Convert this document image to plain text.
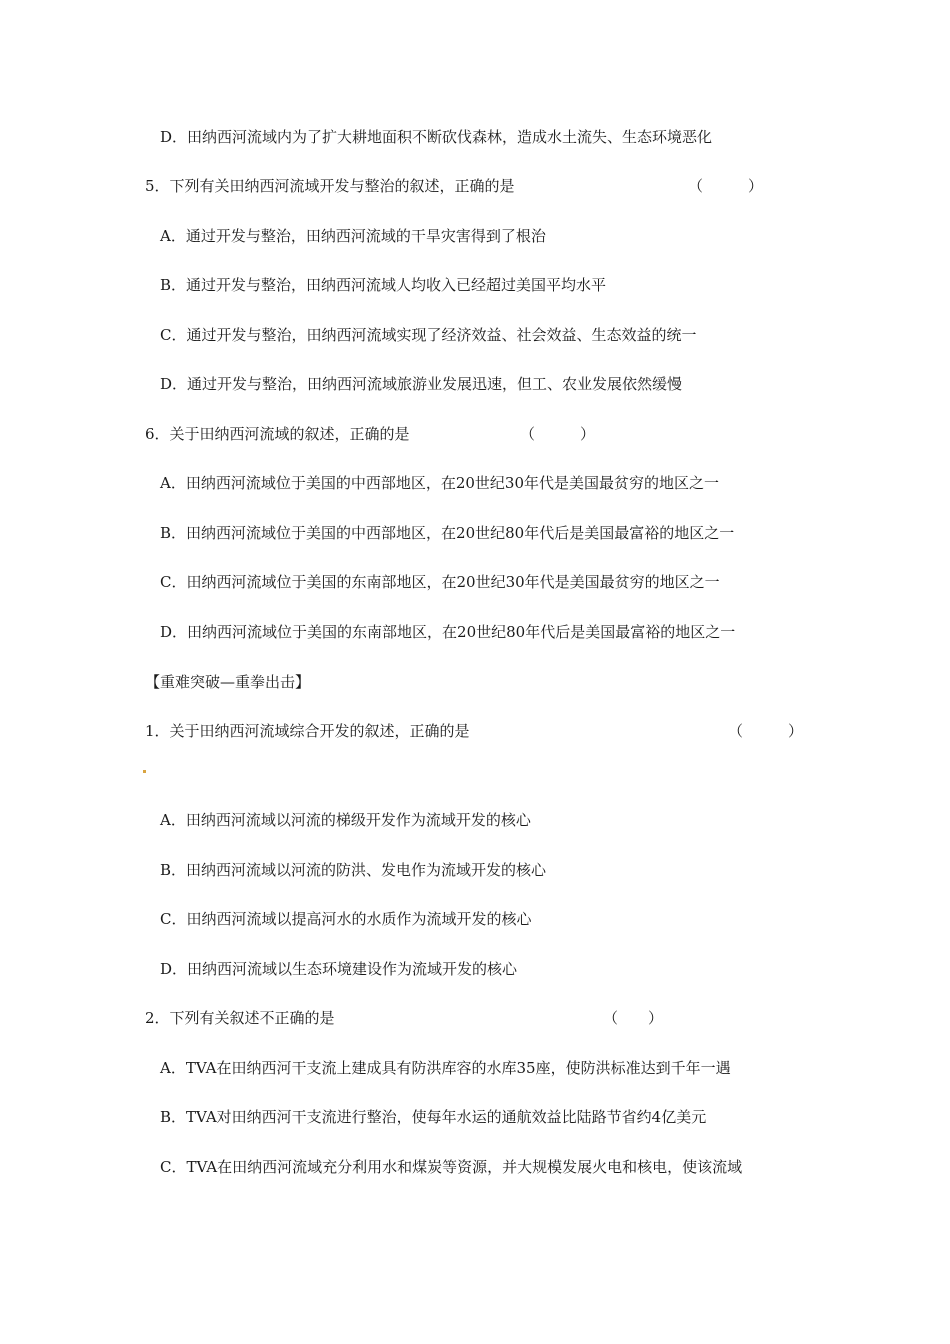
D．田纳西河流域内为了扩大耕地面积不断砍伐森林，造成水土流失、生态环境恶化
5．下列有关田纳西河流域开发与整治的叙述，正确的是	（　　　）
A．通过开发与整治，田纳西河流域的干旱灾害得到了根治
B．通过开发与整治，田纳西河流域人均收入已经超过美国平均水平
C．通过开发与整治，田纳西河流域实现了经济效益、社会效益、生态效益的统一
D．通过开发与整治，田纳西河流域旅游业发展迅速，但工、农业发展依然缓慢
6．关于田纳西河流域的叙述，正确的是	（　　　）
A．田纳西河流域位于美国的中西部地区，在20世纪30年代是美国最贫穷的地区之一
B．田纳西河流域位于美国的中西部地区，在20世纪80年代后是美国最富裕的地区之一
C．田纳西河流域位于美国的东南部地区，在20世纪30年代是美国最贫穷的地区之一
D．田纳西河流域位于美国的东南部地区，在20世纪80年代后是美国最富裕的地区之一
【重难突破—重拳出击】
1．关于田纳西河流域综合开发的叙述，正确的是	（　　　）
A．田纳西河流域以河流的梯级开发作为流域开发的核心
B．田纳西河流域以河流的防洪、发电作为流域开发的核心
C．田纳西河流域以提高河水的水质作为流域开发的核心
D．田纳西河流域以生态环境建设作为流域开发的核心
2．下列有关叙述不正确的是	（　　）
A．TVA在田纳西河干支流上建成具有防洪库容的水库35座，使防洪标准达到千年一遇
B．TVA对田纳西河干支流进行整治，使每年水运的通航效益比陆路节省约4亿美元
C．TVA在田纳西河流域充分利用水和煤炭等资源，并大规模发展火电和核电，使该流域
